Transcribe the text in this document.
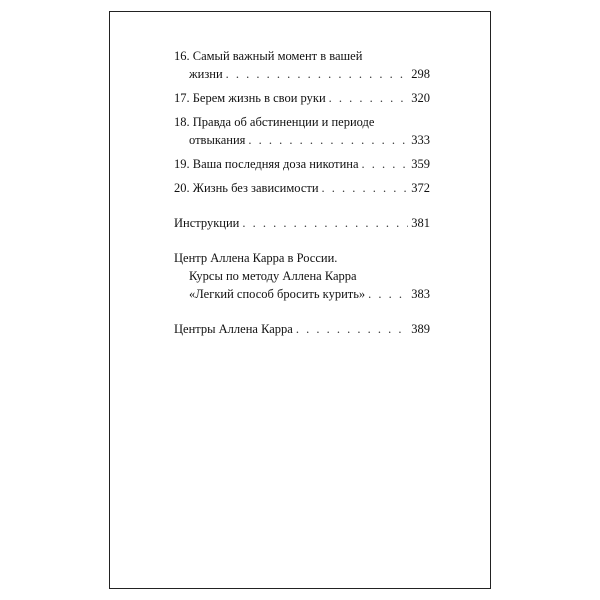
16. Самый важный момент в вашей
жизни . . .	298
17. Берем жизнь в свои руки . . .	320
18. Правда об абстиненции и периоде
отвыкания . . .	333
19. Ваша последняя доза никотина . . .	359
20. Жизнь без зависимости . . .	372
Инструкции . . .	381
Центр Аллена Карра в России.
Курсы по методу Аллена Карра
«Легкий способ бросить курить» . . .	383
Центры Аллена Карра . . .	389
